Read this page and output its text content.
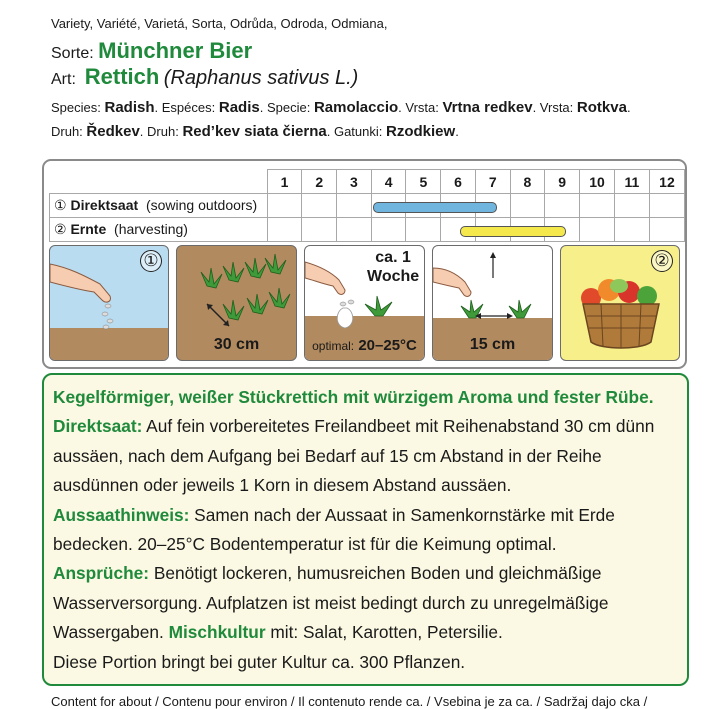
Variety, Variété, Varietá, Sorta, Odrůda, Odroda, Odmiana,
Sorte: Münchner Bier
Art: Rettich (Raphanus sativus L.)
Species: Radish. Espéces: Radis. Specie: Ramolaccio. Vrsta: Vrtna redkev. Vrsta: Rotkva.
Druh: Ředkev. Druh: Red’kev siata čierna. Gatunki: Rzodkiew.
	1	2	3	4	5	6	7	8	9	10	11	12
① Direktsaat (sowing outdoors)												
② Ernte (harvesting)												
①
30 cm
ca. 1
Woche
optimal: 20–25°C	15 cm
②

Kegelförmiger, weißer Stückrettich mit würzigem Aroma und fester Rübe.

Direktsaat: Auf fein vorbereitetes Freilandbeet mit Reihenabstand 30 cm dünn aussäen, nach dem Aufgang bei Bedarf auf 15 cm Abstand in der Reihe ausdünnen oder jeweils 1 Korn in diesem Abstand aussäen.

Aussaathinweis: Samen nach der Aussaat in Samenkornstärke mit Erde bedecken. 20–25°C Bodentemperatur ist für die Keimung optimal.

Ansprüche: Benötigt lockeren, humusreichen Boden und gleichmäßige Wasserversorgung. Aufplatzen ist meist bedingt durch zu unregelmäßige Wassergaben. Mischkultur mit: Salat, Karotten, Petersilie.

Diese Portion bringt bei guter Kultur ca. 300 Pflanzen.

Content for about / Contenu pour environ / Il contenuto rende ca. / Vsebina je za ca. / Sadržaj dajo cka /
